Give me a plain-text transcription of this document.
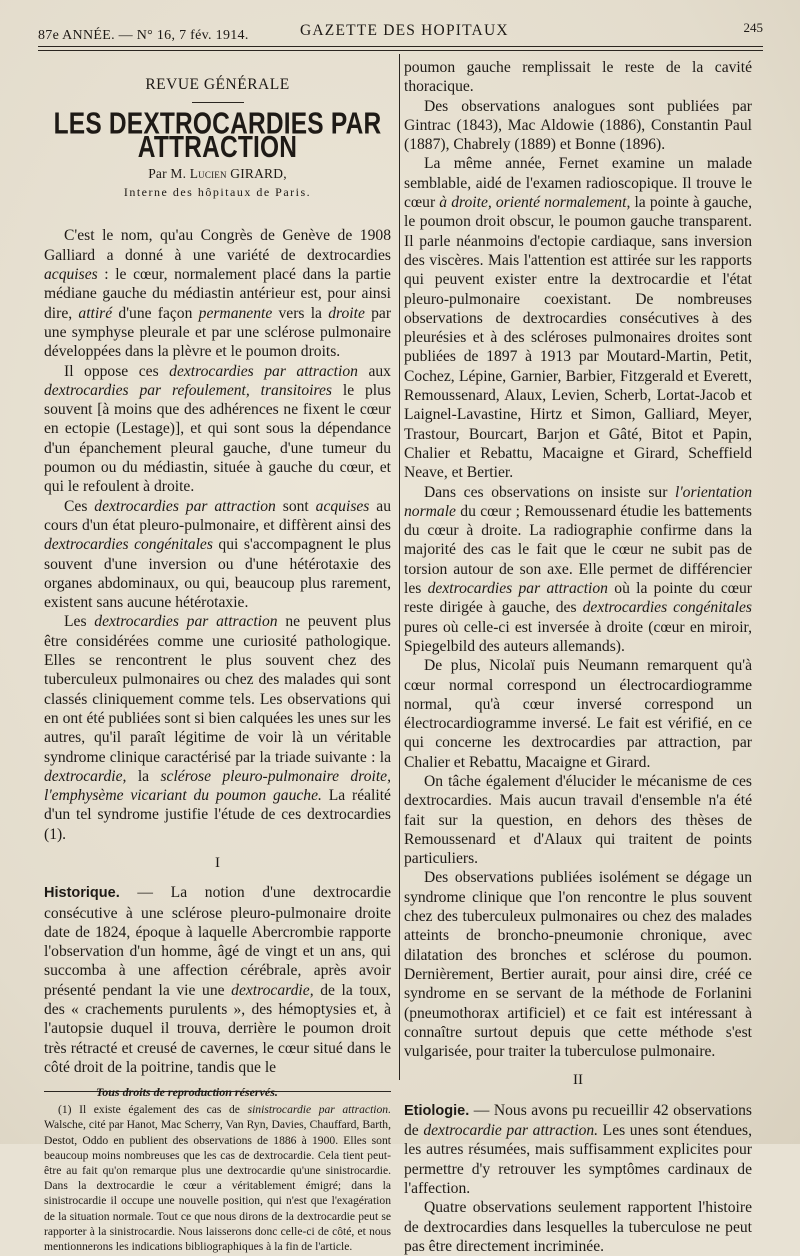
87e ANNÉE. — N° 16, 7 fév. 1914.	GAZETTE DES HOPITAUX	245
REVUE GÉNÉRALE
LES DEXTROCARDIES PAR ATTRACTION
Par M. Lucien GIRARD,
Interne des hôpitaux de Paris.

C'est le nom, qu'au Congrès de Genève de 1908 Galliard a donné à une variété de dextrocardies acquises : le cœur, normalement placé dans la partie médiane gauche du médiastin antérieur est, pour ainsi dire, attiré d'une façon permanente vers la droite par une symphyse pleurale et par une sclérose pulmonaire développées dans la plèvre et le poumon droits.

Il oppose ces dextrocardies par attraction aux dextrocardies par refoulement, transitoires le plus souvent [à moins que des adhérences ne fixent le cœur en ectopie (Lestage)], et qui sont sous la dépendance d'un épanchement pleural gauche, d'une tumeur du poumon ou du médiastin, située à gauche du cœur, et qui le refoulent à droite.

Ces dextrocardies par attraction sont acquises au cours d'un état pleuro-pulmonaire, et diffèrent ainsi des dextrocardies congénitales qui s'accompagnent le plus souvent d'une inversion ou d'une hétérotaxie des organes abdominaux, ou qui, beaucoup plus rarement, existent sans aucune hétérotaxie.

Les dextrocardies par attraction ne peuvent plus être considérées comme une curiosité pathologique. Elles se rencontrent le plus souvent chez des tuberculeux pulmonaires ou chez des malades qui sont classés cliniquement comme tels. Les observations qui en ont été publiées sont si bien calquées les unes sur les autres, qu'il paraît légitime de voir là un véritable syndrome clinique caractérisé par la triade suivante : la dextrocardie, la sclérose pleuro-pulmonaire droite, l'emphysème vicariant du poumon gauche. La réalité d'un tel syndrome justifie l'étude de ces dextrocardies (1).

I

Historique. — La notion d'une dextrocardie consécutive à une sclérose pleuro-pulmonaire droite date de 1824, époque à laquelle Abercrombie rapporte l'observation d'un homme, âgé de vingt et un ans, qui succomba à une affection cérébrale, après avoir présenté pendant la vie une dextrocardie, de la toux, des « crachements purulents », des hémoptysies et, à l'autopsie duquel il trouva, derrière le poumon droit très rétracté et creusé de cavernes, le cœur situé dans le côté droit de la poitrine, tandis que le

(1) Il existe également des cas de sinistrocardie par attraction. Walsche, cité par Hanot, Mac Scherry, Van Ryn, Davies, Chauffard, Barth, Destot, Oddo en publient des observations de 1886 à 1900. Elles sont beaucoup moins nombreuses que les cas de dextrocardie. Cela tient peut-être au fait qu'on remarque plus une dextrocardie qu'une sinistrocardie. Dans la dextrocardie le cœur a véritablement émigré; dans la sinistrocardie il occupe une nouvelle position, qui n'est que l'exagération de la situation normale. Tout ce que nous dirons de la dextrocardie peut se rapporter à la sinistrocardie. Nous laisserons donc celle-ci de côté, et nous mentionnerons les indications bibliographiques à la fin de l'article.

poumon gauche remplissait le reste de la cavité thoracique.

Des observations analogues sont publiées par Gintrac (1843), Mac Aldowie (1886), Constantin Paul (1887), Chabrely (1889) et Bonne (1896).

La même année, Fernet examine un malade semblable, aidé de l'examen radioscopique. Il trouve le cœur à droite, orienté normalement, la pointe à gauche, le poumon droit obscur, le poumon gauche transparent. Il parle néanmoins d'ectopie cardiaque, sans inversion des viscères. Mais l'attention est attirée sur les rapports qui peuvent exister entre la dextrocardie et l'état pleuro-pulmonaire coexistant. De nombreuses observations de dextrocardies consécutives à des pleurésies et à des scléroses pulmonaires droites sont publiées de 1897 à 1913 par Moutard-Martin, Petit, Cochez, Lépine, Garnier, Barbier, Fitzgerald et Everett, Remoussenard, Alaux, Levien, Scherb, Lortat-Jacob et Laignel-Lavastine, Hirtz et Simon, Galliard, Meyer, Trastour, Bourcart, Barjon et Gâté, Bitot et Papin, Chalier et Rebattu, Macaigne et Girard, Scheffield Neave, et Bertier.

Dans ces observations on insiste sur l'orientation normale du cœur ; Remoussenard étudie les battements du cœur à droite. La radiographie confirme dans la majorité des cas le fait que le cœur ne subit pas de torsion autour de son axe. Elle permet de différencier les dextrocardies par attraction où la pointe du cœur reste dirigée à gauche, des dextrocardies congénitales pures où celle-ci est inversée à droite (cœur en miroir, Spiegelbild des auteurs allemands).

De plus, Nicolaï puis Neumann remarquent qu'à cœur normal correspond un électrocardiogramme normal, qu'à cœur inversé correspond un électrocardiogramme inversé. Le fait est vérifié, en ce qui concerne les dextrocardies par attraction, par Chalier et Rebattu, Macaigne et Girard.

On tâche également d'élucider le mécanisme de ces dextrocardies. Mais aucun travail d'ensemble n'a été fait sur la question, en dehors des thèses de Remoussenard et d'Alaux qui traitent de points particuliers.

Des observations publiées isolément se dégage un syndrome clinique que l'on rencontre le plus souvent chez des tuberculeux pulmonaires ou chez des malades atteints de broncho-pneumonie chronique, avec dilatation des bronches et sclérose du poumon. Dernièrement, Bertier aurait, pour ainsi dire, créé ce syndrome en se servant de la méthode de Forlanini (pneumothorax artificiel) et ce fait est intéressant à connaître surtout depuis que cette méthode s'est vulgarisée, pour traiter la tuberculose pulmonaire.

II

Etiologie. — Nous avons pu recueillir 42 observations de dextrocardie par attraction. Les unes sont étendues, les autres résumées, mais suffisamment explicites pour permettre d'y retrouver les symptômes cardinaux de l'affection.

Quatre observations seulement rapportent l'histoire de dextrocardies dans lesquelles la tuberculose ne peut pas être directement incriminée.

Tous droits de reproduction réservés.
